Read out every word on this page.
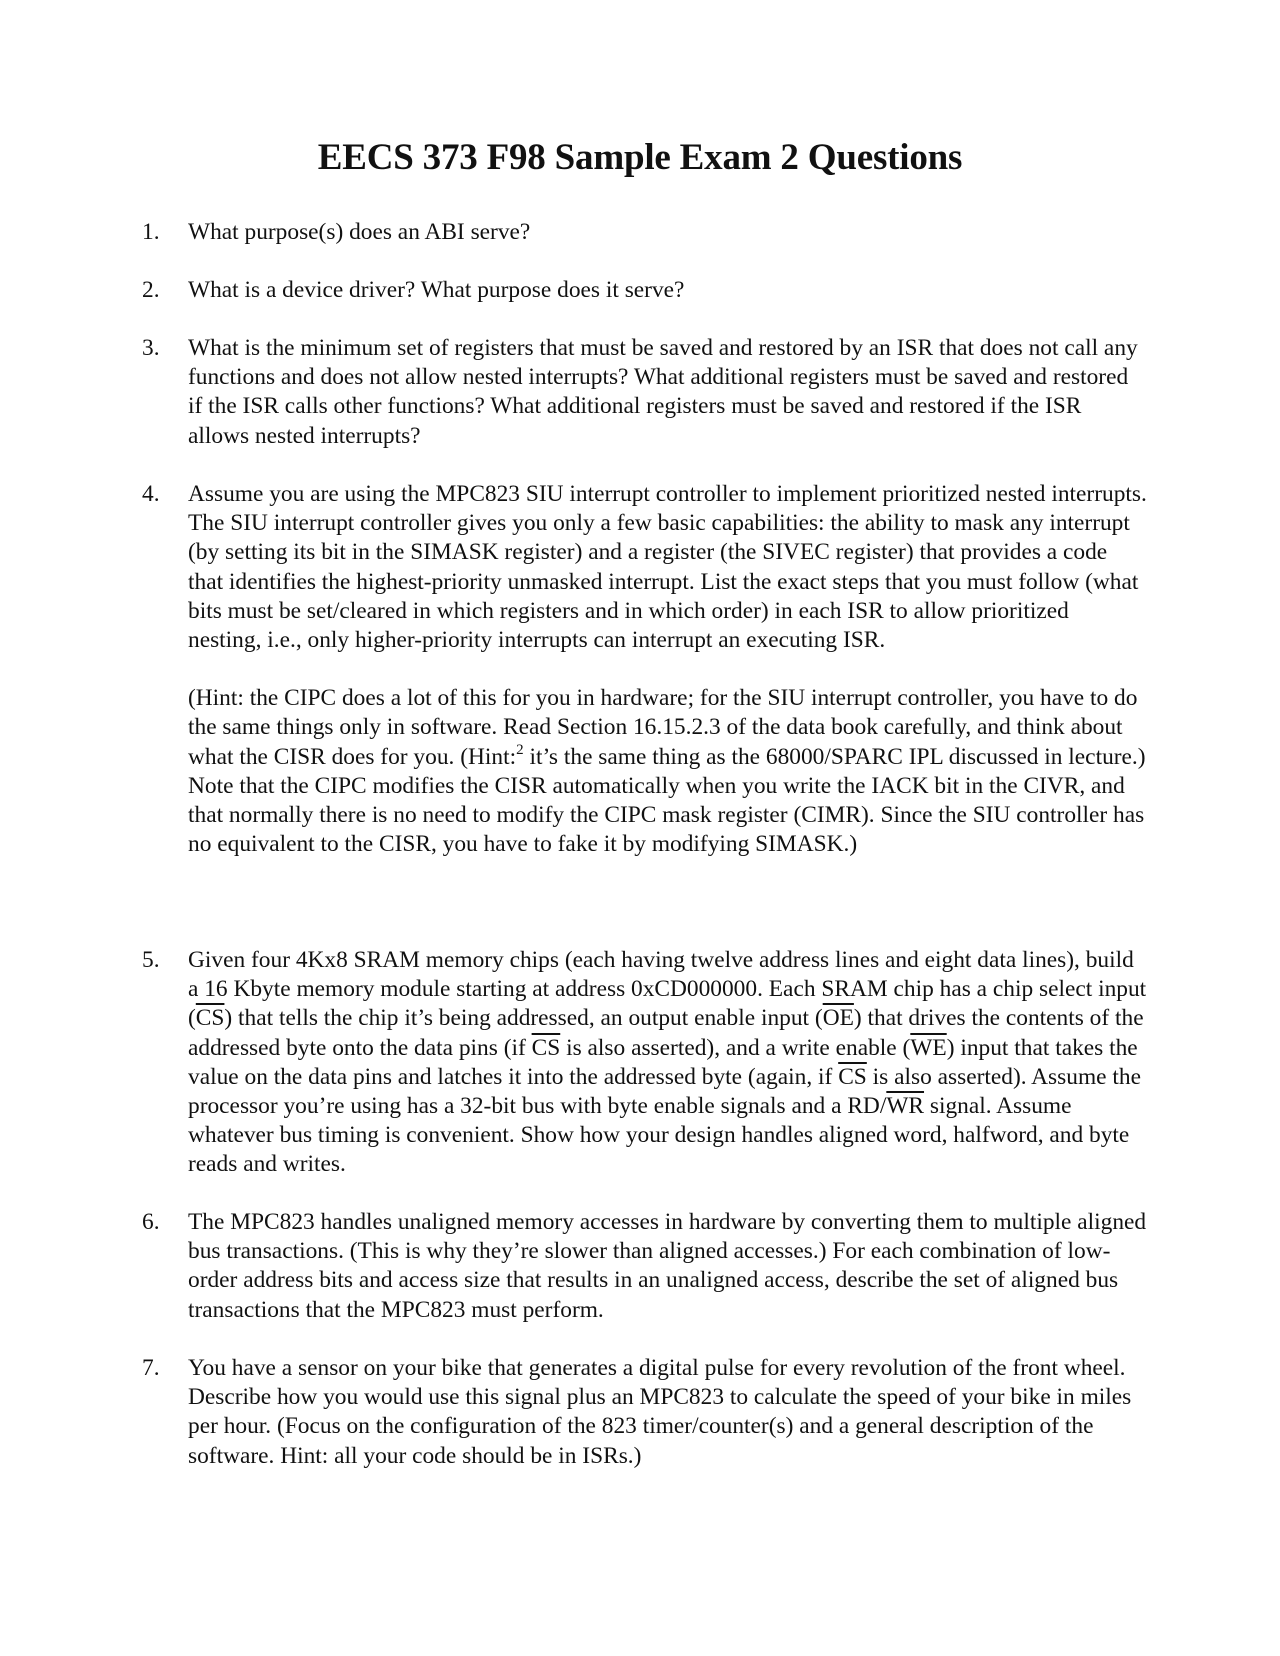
EECS 373 F98 Sample Exam 2 Questions
1. What purpose(s) does an ABI serve?

2. What is a device driver? What purpose does it serve?

3. What is the minimum set of registers that must be saved and restored by an ISR that does not call any functions and does not allow nested interrupts? What additional registers must be saved and restored if the ISR calls other functions? What additional registers must be saved and restored if the ISR allows nested interrupts?

4. Assume you are using the MPC823 SIU interrupt controller to implement prioritized nested interrupts. The SIU interrupt controller gives you only a few basic capabilities: the ability to mask any interrupt (by setting its bit in the SIMASK register) and a register (the SIVEC register) that provides a code that identifies the highest-priority unmasked interrupt. List the exact steps that you must follow (what bits must be set/cleared in which registers and in which order) in each ISR to allow prioritized nesting, i.e., only higher-priority interrupts can interrupt an executing ISR.

(Hint: the CIPC does a lot of this for you in hardware; for the SIU interrupt controller, you have to do the same things only in software. Read Section 16.15.2.3 of the data book carefully, and think about what the CISR does for you. (Hint:$^2$ it’s the same thing as the 68000/SPARC IPL discussed in lecture.) Note that the CIPC modifies the CISR automatically when you write the IACK bit in the CIVR, and that normally there is no need to modify the CIPC mask register (CIMR). Since the SIU controller has no equivalent to the CISR, you have to fake it by modifying SIMASK.)

5. Given four 4Kx8 SRAM memory chips (each having twelve address lines and eight data lines), build a 16 Kbyte memory module starting at address 0xCD000000. Each SRAM chip has a chip select input $(\overline{CS})$ that tells the chip it’s being addressed, an output enable input $(\overline{OE})$ that drives the contents of the addressed byte onto the data pins (if $\overline{CS}$ is also asserted), and a write enable $(\overline{WE})$ input that takes the value on the data pins and latches it into the addressed byte (again, if $\overline{CS}$ is also asserted). Assume the processor you’re using has a 32-bit bus with byte enable signals and a $RD/\overline{WR}$ signal. Assume whatever bus timing is convenient. Show how your design handles aligned word, halfword, and byte reads and writes.

6. The MPC823 handles unaligned memory accesses in hardware by converting them to multiple aligned bus transactions. (This is why they’re slower than aligned accesses.) For each combination of low-order address bits and access size that results in an unaligned access, describe the set of aligned bus transactions that the MPC823 must perform.

7. You have a sensor on your bike that generates a digital pulse for every revolution of the front wheel. Describe how you would use this signal plus an MPC823 to calculate the speed of your bike in miles per hour. (Focus on the configuration of the 823 timer/counter(s) and a general description of the software. Hint: all your code should be in ISRs.)
